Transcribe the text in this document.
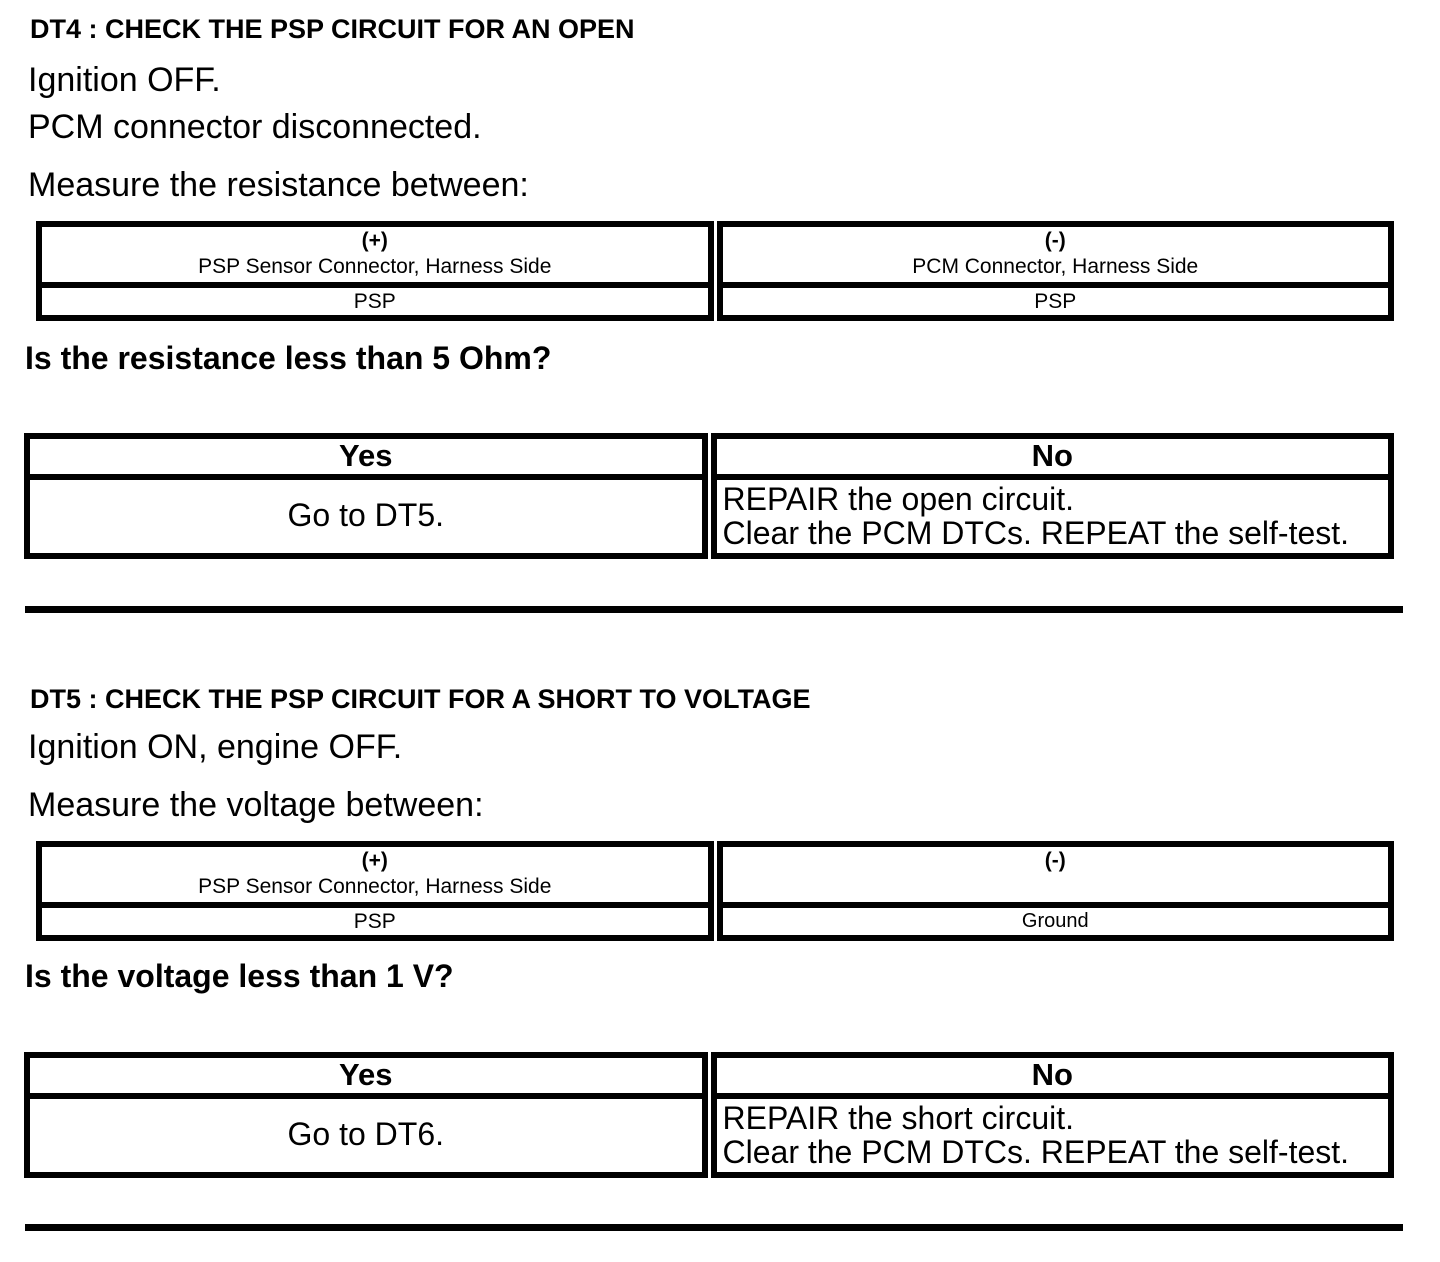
DT4 : CHECK THE PSP CIRCUIT FOR AN OPEN

Ignition OFF.

PCM connector disconnected.

Measure the resistance between:

(+)
PSP Sensor Connector, Harness Side
PSP
(-)
PCM Connector, Harness Side
PSP

Is the resistance less than 5 Ohm?

Yes
Go to DT5.
No
REPAIR the open circuit.
Clear the PCM DTCs. REPEAT the self-test.
DT5 : CHECK THE PSP CIRCUIT FOR A SHORT TO VOLTAGE

Ignition ON, engine OFF.

Measure the voltage between:

(+)
PSP Sensor Connector, Harness Side
PSP
(-)
Ground

Is the voltage less than 1 V?

Yes
Go to DT6.
No
REPAIR the short circuit.
Clear the PCM DTCs. REPEAT the self-test.
